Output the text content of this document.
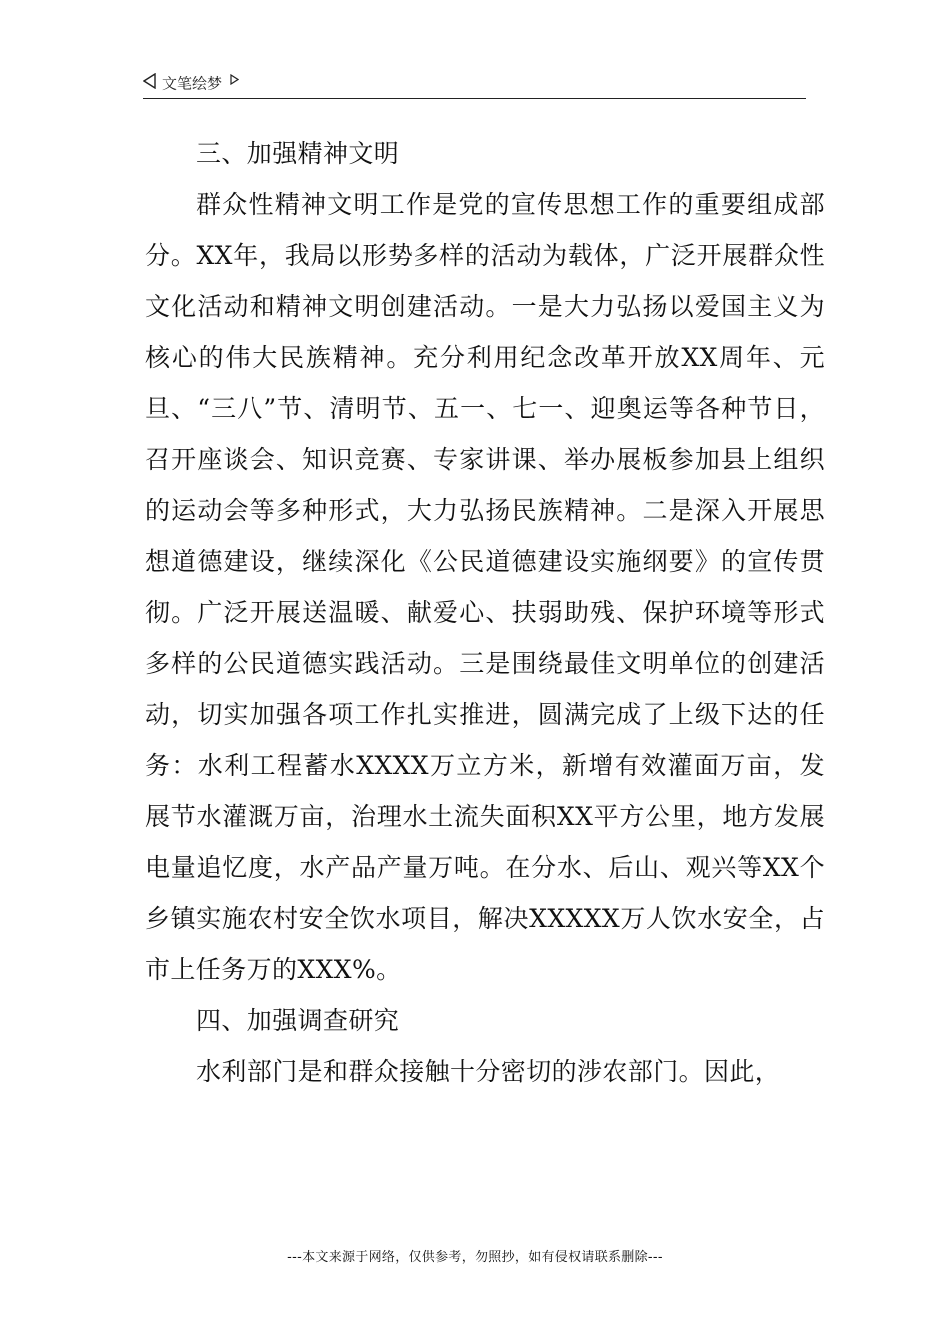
文笔绘梦

三、加强精神文明

群众性精神文明工作是党的宣传思想工作的重要组成部分。XX年，我局以形势多样的活动为载体，广泛开展群众性文化活动和精神文明创建活动。一是大力弘扬以爱国主义为核心的伟大民族精神。充分利用纪念改革开放XX周年、元旦、“三八”节、清明节、五一、七一、迎奥运等各种节日，召开座谈会、知识竞赛、专家讲课、举办展板参加县上组织的运动会等多种形式，大力弘扬民族精神。二是深入开展思想道德建设，继续深化《公民道德建设实施纲要》的宣传贯彻。广泛开展送温暖、献爱心、扶弱助残、保护环境等形式多样的公民道德实践活动。三是围绕最佳文明单位的创建活动，切实加强各项工作扎实推进，圆满完成了上级下达的任务：水利工程蓄水XXXX万立方米，新增有效灌面万亩，发展节水灌溉万亩，治理水土流失面积XX平方公里，地方发展电量追忆度，水产品产量万吨。在分水、后山、观兴等XX个乡镇实施农村安全饮水项目，解决XXXXX万人饮水安全，占市上任务万的XXX%。

四、加强调查研究

水利部门是和群众接触十分密切的涉农部门。因此，

---本文来源于网络，仅供参考，勿照抄，如有侵权请联系删除---
